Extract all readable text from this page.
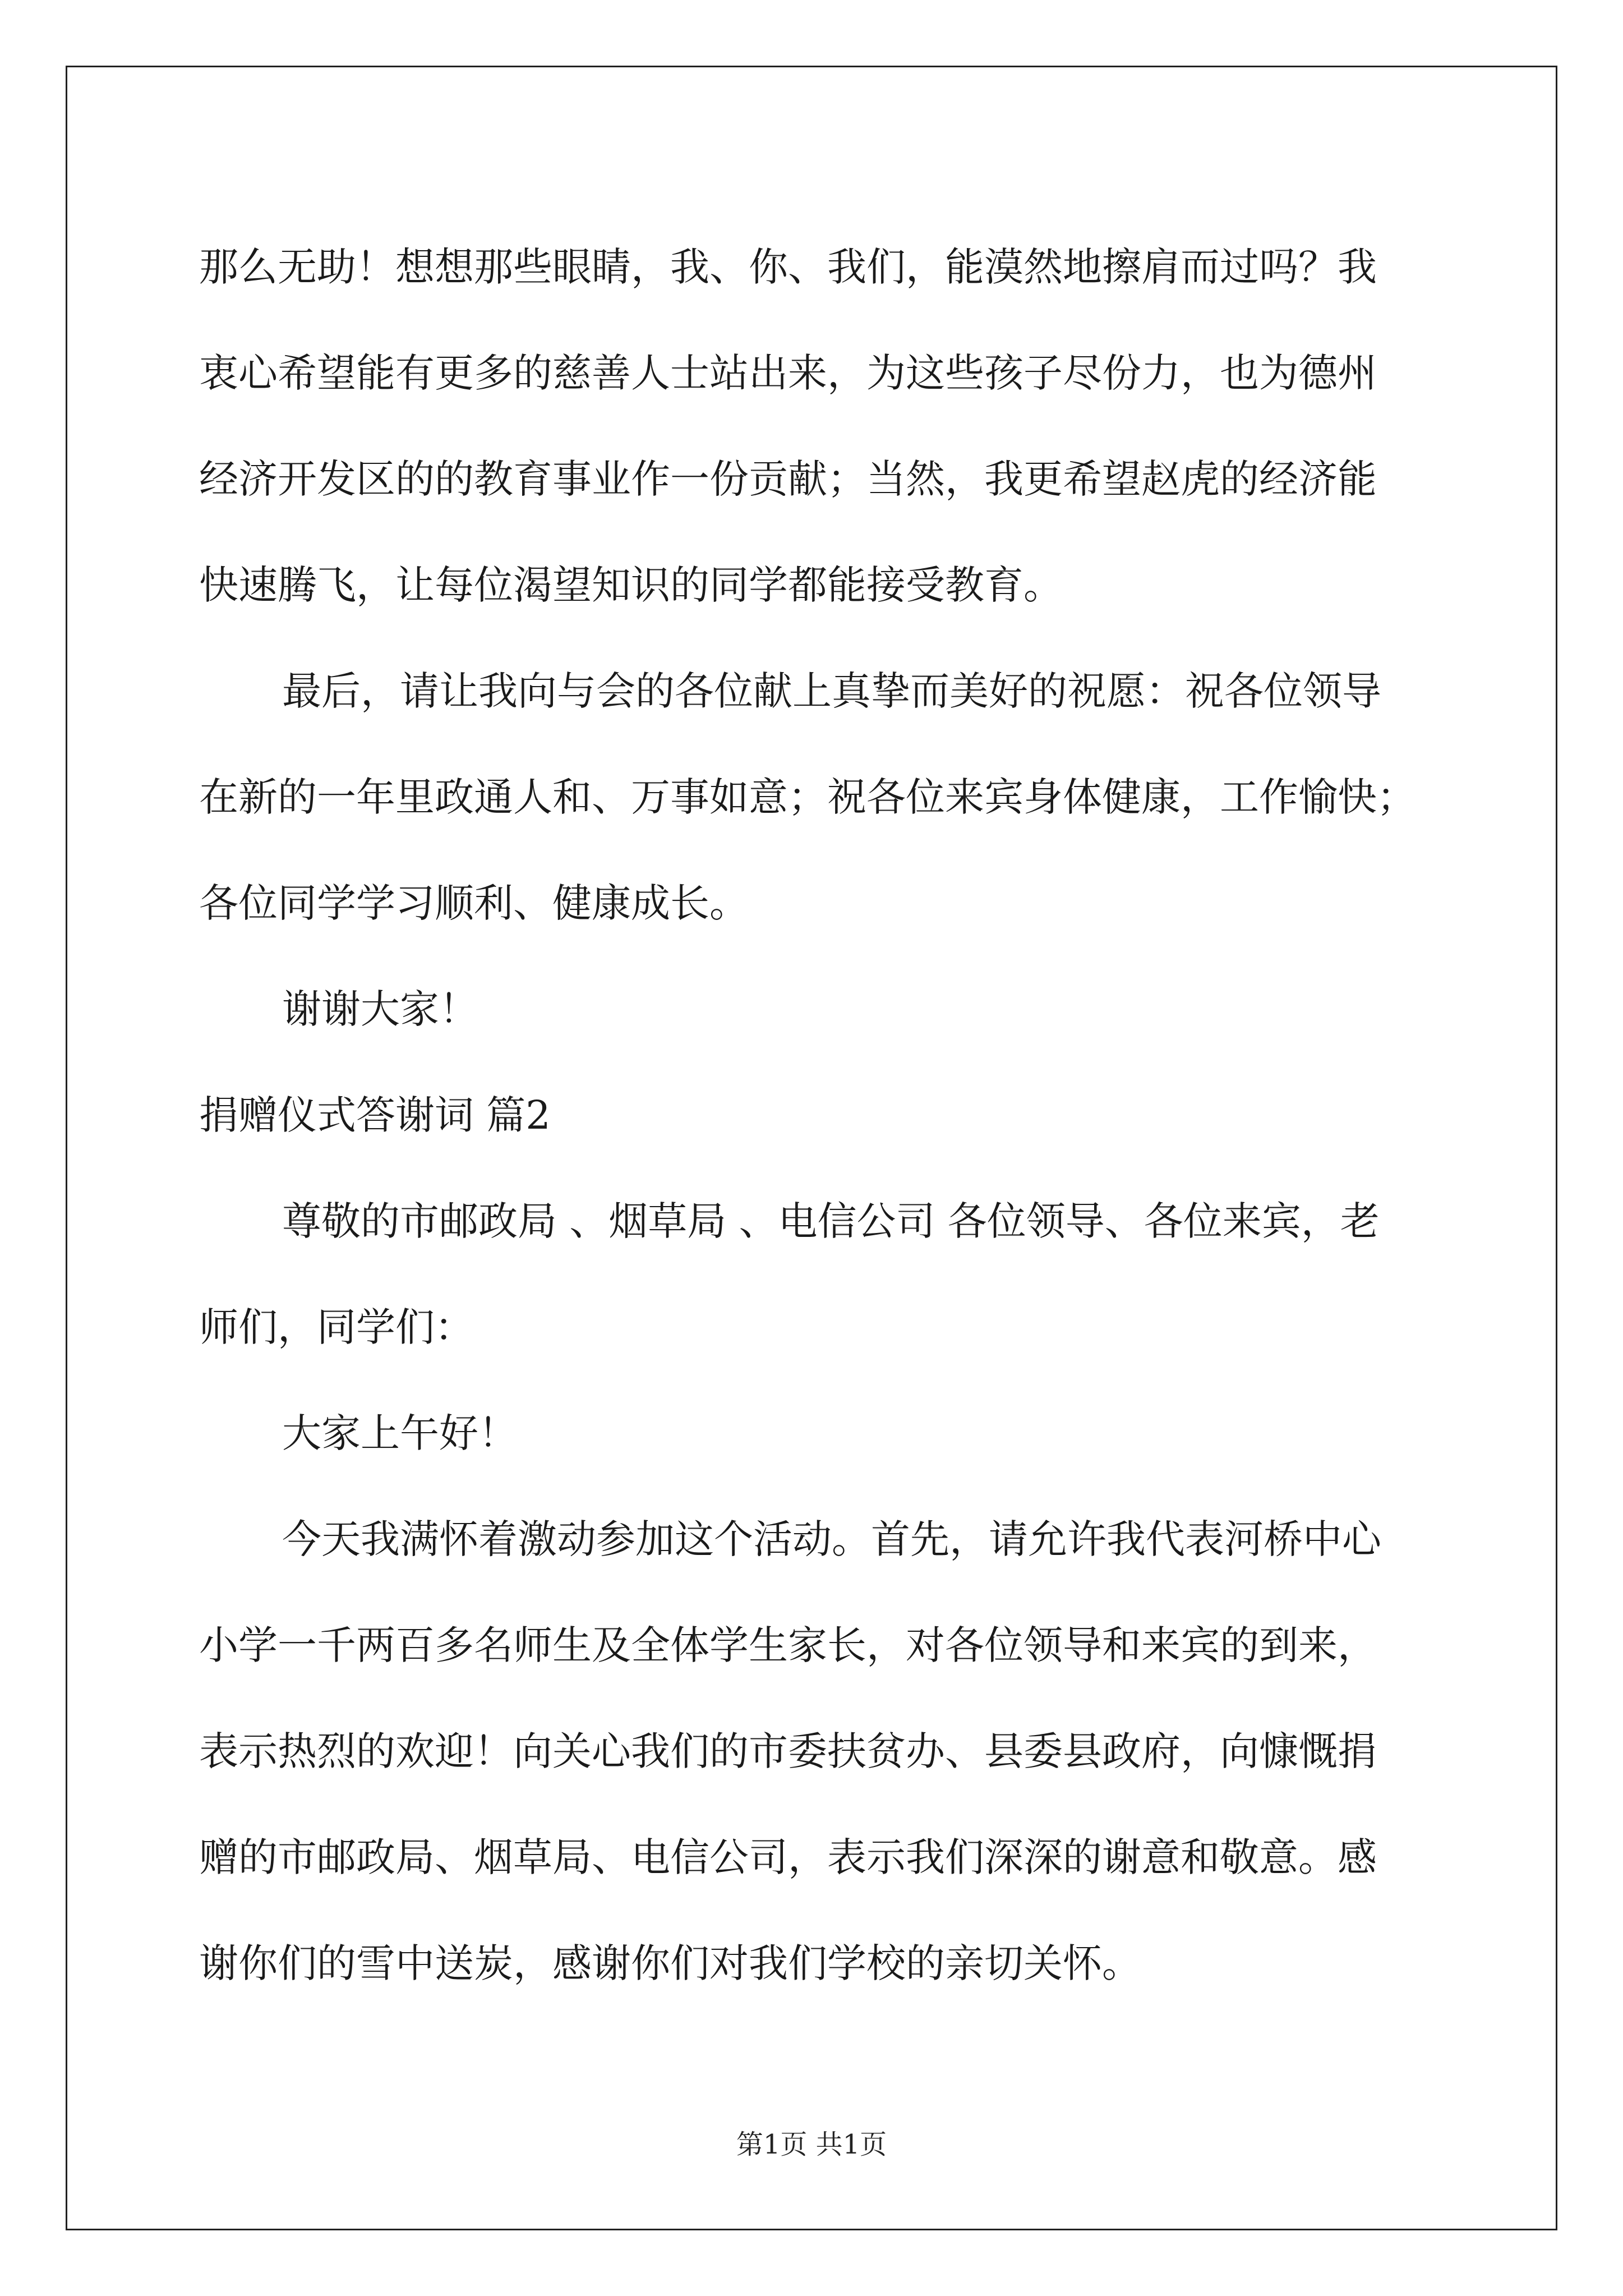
那么无助！想想那些眼睛，我、你、我们，能漠然地擦肩而过吗？我
衷心希望能有更多的慈善人士站出来，为这些孩子尽份力，也为德州
经济开发区的的教育事业作一份贡献；当然，我更希望赵虎的经济能
快速腾飞，让每位渴望知识的同学都能接受教育。

最后，请让我向与会的各位献上真挚而美好的祝愿：祝各位领导
在新的一年里政通人和、万事如意；祝各位来宾身体健康，工作愉快；
各位同学学习顺利、健康成长。

谢谢大家！

捐赠仪式答谢词 篇2

尊敬的市邮政局 、烟草局 、电信公司 各位领导、各位来宾，老
师们，同学们：

大家上午好！

今天我满怀着激动参加这个活动。首先，请允许我代表河桥中心
小学一千两百多名师生及全体学生家长，对各位领导和来宾的到来，
表示热烈的欢迎！向关心我们的市委扶贫办、县委县政府，向慷慨捐
赠的市邮政局、烟草局、电信公司，表示我们深深的谢意和敬意。感
谢你们的雪中送炭，感谢你们对我们学校的亲切关怀。

第1页 共1页
